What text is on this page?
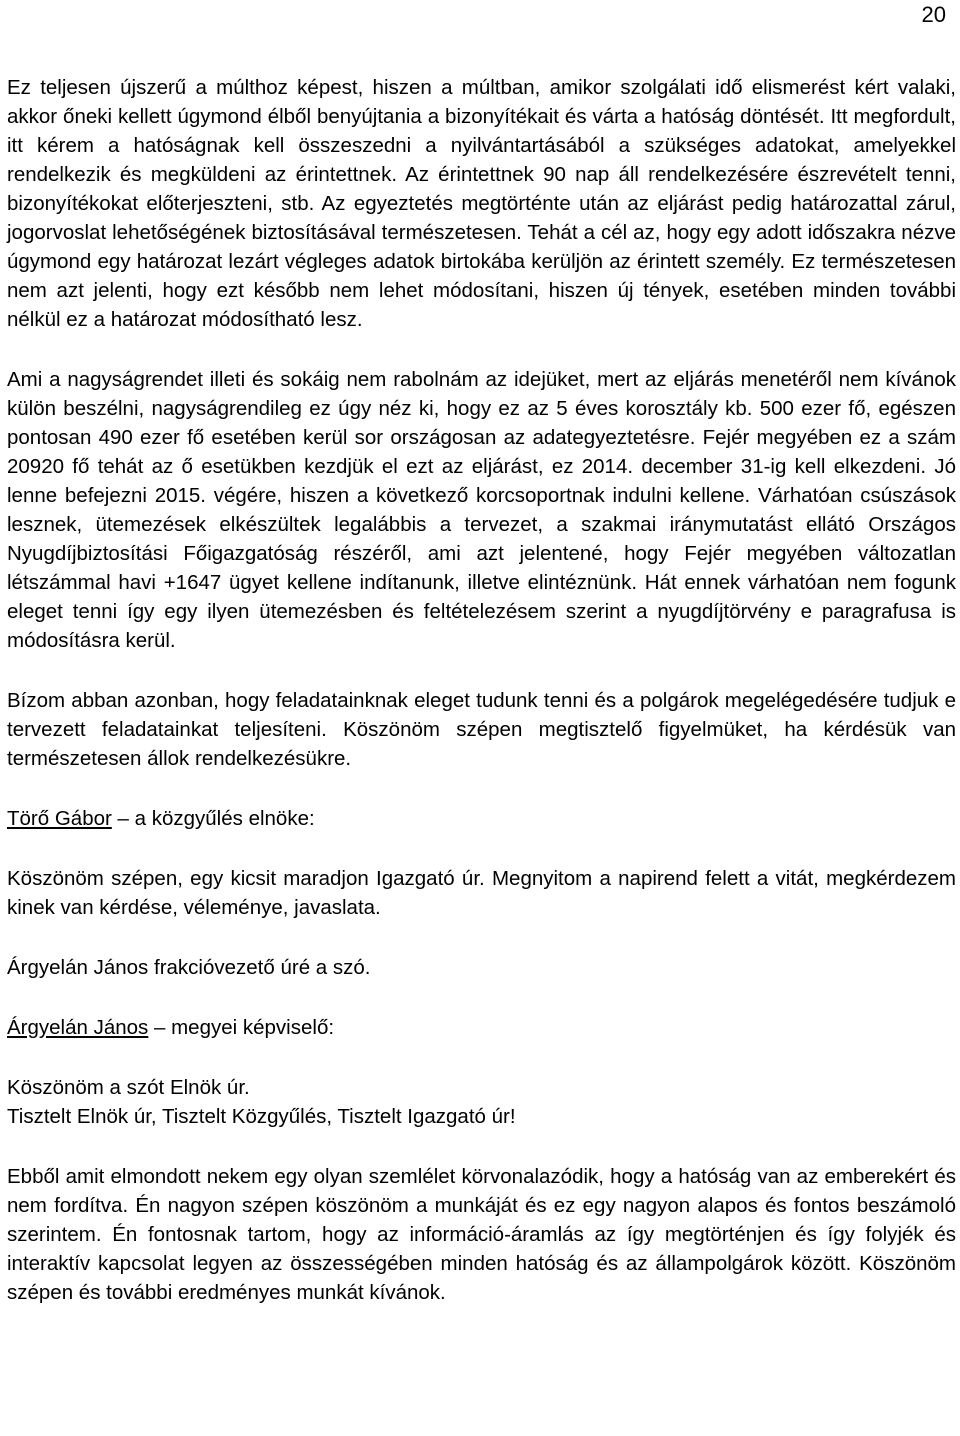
20

Ez teljesen újszerű a múlthoz képest, hiszen a múltban, amikor szolgálati idő elismerést kért valaki, akkor őneki kellett úgymond élből benyújtania a bizonyítékait és várta a hatóság döntését. Itt megfordult, itt kérem a hatóságnak kell összeszedni a nyilvántartásából a szükséges adatokat, amelyekkel rendelkezik és megküldeni az érintettnek. Az érintettnek 90 nap áll rendelkezésére észrevételt tenni, bizonyítékokat előterjeszteni, stb. Az egyeztetés megtörténte után az eljárást pedig határozattal zárul, jogorvoslat lehetőségének biztosításával természetesen. Tehát a cél az, hogy egy adott időszakra nézve úgymond egy határozat lezárt végleges adatok birtokába kerüljön az érintett személy. Ez természetesen nem azt jelenti, hogy ezt később nem lehet módosítani, hiszen új tények, esetében minden további nélkül ez a határozat módosítható lesz.

Ami a nagyságrendet illeti és sokáig nem rabolnám az idejüket, mert az eljárás menetéről nem kívánok külön beszélni, nagyságrendileg ez úgy néz ki, hogy ez az 5 éves korosztály kb. 500 ezer fő, egészen pontosan 490 ezer fő esetében kerül sor országosan az adategyeztetésre. Fejér megyében ez a szám 20920 fő tehát az ő esetükben kezdjük el ezt az eljárást, ez 2014. december 31-ig kell elkezdeni. Jó lenne befejezni 2015. végére, hiszen a következő korcsoportnak indulni kellene. Várhatóan csúszások lesznek, ütemezések elkészültek legalábbis a tervezet, a szakmai iránymutatást ellátó Országos Nyugdíjbiztosítási Főigazgatóság részéről, ami azt jelentené, hogy Fejér megyében változatlan létszámmal havi +1647 ügyet kellene indítanunk, illetve elintéznünk. Hát ennek várhatóan nem fogunk eleget tenni így egy ilyen ütemezésben és feltételezésem szerint a nyugdíjtörvény e paragrafusa is módosításra kerül.

Bízom abban azonban, hogy feladatainknak eleget tudunk tenni és a polgárok megelégedésére tudjuk e tervezett feladatainkat teljesíteni. Köszönöm szépen megtisztelő figyelmüket, ha kérdésük van természetesen állok rendelkezésükre.

Törő Gábor – a közgyűlés elnöke:

Köszönöm szépen, egy kicsit maradjon Igazgató úr. Megnyitom a napirend felett a vitát, megkérdezem kinek van kérdése, véleménye, javaslata.

Árgyelán János frakcióvezető úré a szó.

Árgyelán János – megyei képviselő:

Köszönöm a szót Elnök úr.

Tisztelt Elnök úr, Tisztelt Közgyűlés, Tisztelt Igazgató úr!

Ebből amit elmondott nekem egy olyan szemlélet körvonalazódik, hogy a hatóság van az emberekért és nem fordítva. Én nagyon szépen köszönöm a munkáját és ez egy nagyon alapos és fontos beszámoló szerintem. Én fontosnak tartom, hogy az információ-áramlás az így megtörténjen és így folyjék és interaktív kapcsolat legyen az összességében minden hatóság és az állampolgárok között. Köszönöm szépen és további eredményes munkát kívánok.
